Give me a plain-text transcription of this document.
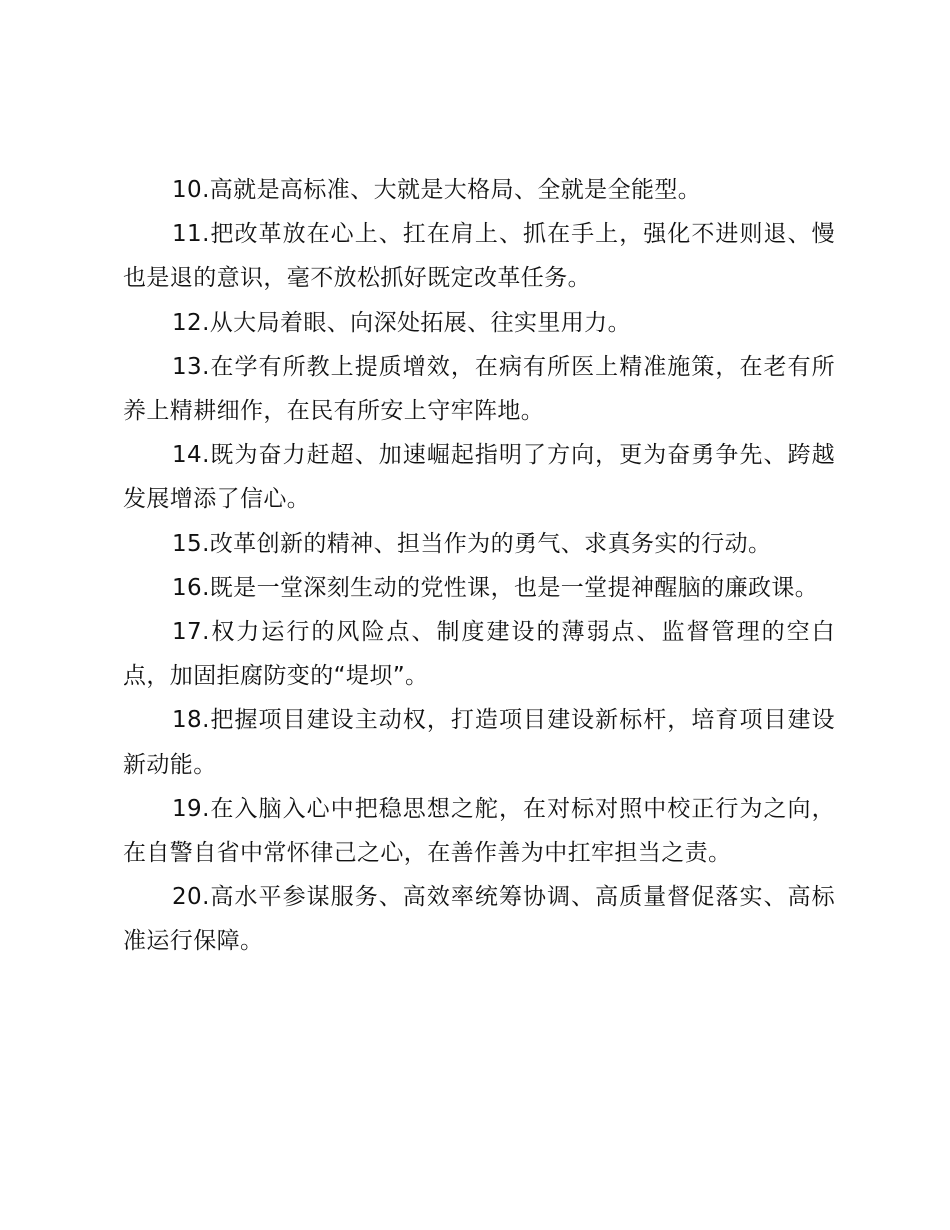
10.高就是高标准、大就是大格局、全就是全能型。

11.把改革放在心上、扛在肩上、抓在手上，强化不进则退、慢也是退的意识，毫不放松抓好既定改革任务。

12.从大局着眼、向深处拓展、往实里用力。

13.在学有所教上提质增效，在病有所医上精准施策，在老有所养上精耕细作，在民有所安上守牢阵地。

14.既为奋力赶超、加速崛起指明了方向，更为奋勇争先、跨越发展增添了信心。

15.改革创新的精神、担当作为的勇气、求真务实的行动。

16.既是一堂深刻生动的党性课，也是一堂提神醒脑的廉政课。

17.权力运行的风险点、制度建设的薄弱点、监督管理的空白点，加固拒腐防变的“堤坝”。

18.把握项目建设主动权，打造项目建设新标杆，培育项目建设新动能。

19.在入脑入心中把稳思想之舵，在对标对照中校正行为之向，在自警自省中常怀律己之心，在善作善为中扛牢担当之责。

20.高水平参谋服务、高效率统筹协调、高质量督促落实、高标准运行保障。
